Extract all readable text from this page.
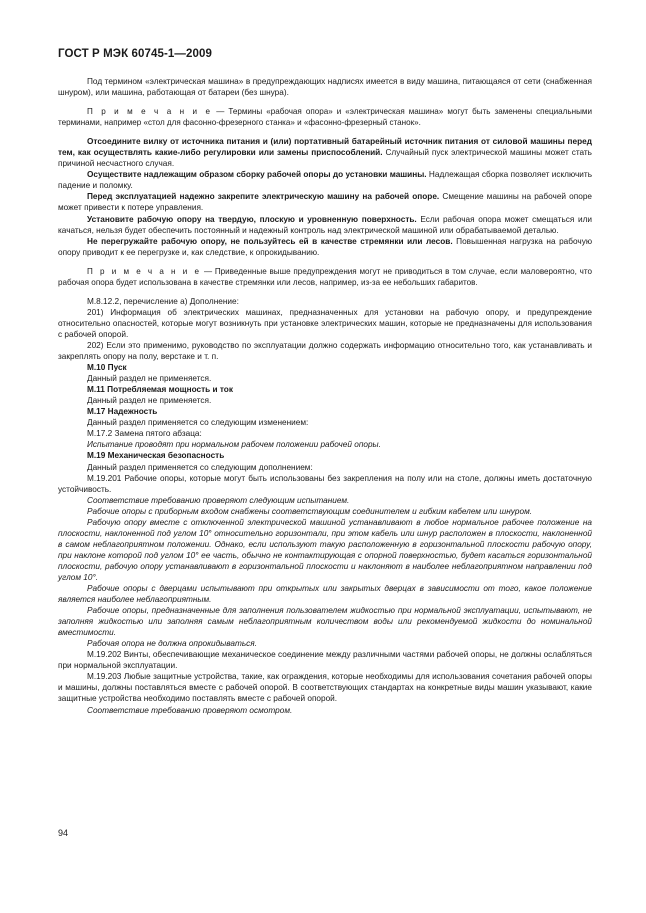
ГОСТ Р МЭК 60745-1—2009

Под термином «электрическая машина» в предупреждающих надписях имеется в виду машина, питающаяся от сети (снабженная шнуром), или машина, работающая от батареи (без шнура).

П р и м е ч а н и е — Термины «рабочая опора» и «электрическая машина» могут быть заменены специальными терминами, например «стол для фасонно-фрезерного станка» и «фасонно-фрезерный станок».

Отсоедините вилку от источника питания и (или) портативный батарейный источник питания от силовой машины перед тем, как осуществлять какие-либо регулировки или замены приспособлений. Случайный пуск электрической машины может стать причиной несчастного случая.

Осуществите надлежащим образом сборку рабочей опоры до установки машины. Надлежащая сборка позволяет исключить падение и поломку.

Перед эксплуатацией надежно закрепите электрическую машину на рабочей опоре. Смещение машины на рабочей опоре может привести к потере управления.

Установите рабочую опору на твердую, плоскую и уровненную поверхность. Если рабочая опора может смещаться или качаться, нельзя будет обеспечить постоянный и надежный контроль над электрической машиной или обрабатываемой деталью.

Не перегружайте рабочую опору, не пользуйтесь ей в качестве стремянки или лесов. Повышенная нагрузка на рабочую опору приводит к ее перегрузке и, как следствие, к опрокидыванию.

П р и м е ч а н и е — Приведенные выше предупреждения могут не приводиться в том случае, если маловероятно, что рабочая опора будет использована в качестве стремянки или лесов, например, из-за ее небольших габаритов.

М.8.12.2, перечисление a) Дополнение:

201) Информация об электрических машинах, предназначенных для установки на рабочую опору, и предупреждение относительно опасностей, которые могут возникнуть при установке электрических машин, которые не предназначены для использования с рабочей опорой.

202) Если это применимо, руководство по эксплуатации должно содержать информацию относительно того, как устанавливать и закреплять опору на полу, верстаке и т. п.

М.10 Пуск

Данный раздел не применяется.

М.11 Потребляемая мощность и ток

Данный раздел не применяется.

М.17 Надежность

Данный раздел применяется со следующим изменением:

М.17.2 Замена пятого абзаца:

Испытание проводят при нормальном рабочем положении рабочей опоры.

М.19 Механическая безопасность

Данный раздел применяется со следующим дополнением:

М.19.201 Рабочие опоры, которые могут быть использованы без закрепления на полу или на столе, должны иметь достаточную устойчивость.

Соответствие требованию проверяют следующим испытанием.

Рабочие опоры с приборным входом снабжены соответствующим соединителем и гибким кабелем или шнуром.

Рабочую опору вместе с отключенной электрической машиной устанавливают в любое нормальное рабочее положение на плоскости, наклоненной под углом 10° относительно горизонтали, при этом кабель или шнур расположен в плоскости, наклоненной в самом неблагоприятном положении. Однако, если используют такую расположенную в горизонтальной плоскости рабочую опору, при наклоне которой под углом 10° ее часть, обычно не контактирующая с опорной поверхностью, будет касаться горизонтальной плоскости, рабочую опору устанавливают в горизонтальной плоскости и наклоняют в наиболее неблагоприятном направлении под углом 10°.

Рабочие опоры с дверцами испытывают при открытых или закрытых дверцах в зависимости от того, какое положение является наиболее неблагоприятным.

Рабочие опоры, предназначенные для заполнения пользователем жидкостью при нормальной эксплуатации, испытывают, не заполняя жидкостью или заполняя самым неблагоприятным количеством воды или рекомендуемой жидкости до номинальной вместимости.

Рабочая опора не должна опрокидываться.

М.19.202 Винты, обеспечивающие механическое соединение между различными частями рабочей опоры, не должны ослабляться при нормальной эксплуатации.

М.19.203 Любые защитные устройства, такие, как ограждения, которые необходимы для использования сочетания рабочей опоры и машины, должны поставляться вместе с рабочей опорой. В соответствующих стандартах на конкретные виды машин указывают, какие защитные устройства необходимо поставлять вместе с рабочей опорой.

Соответствие требованию проверяют осмотром.

94
